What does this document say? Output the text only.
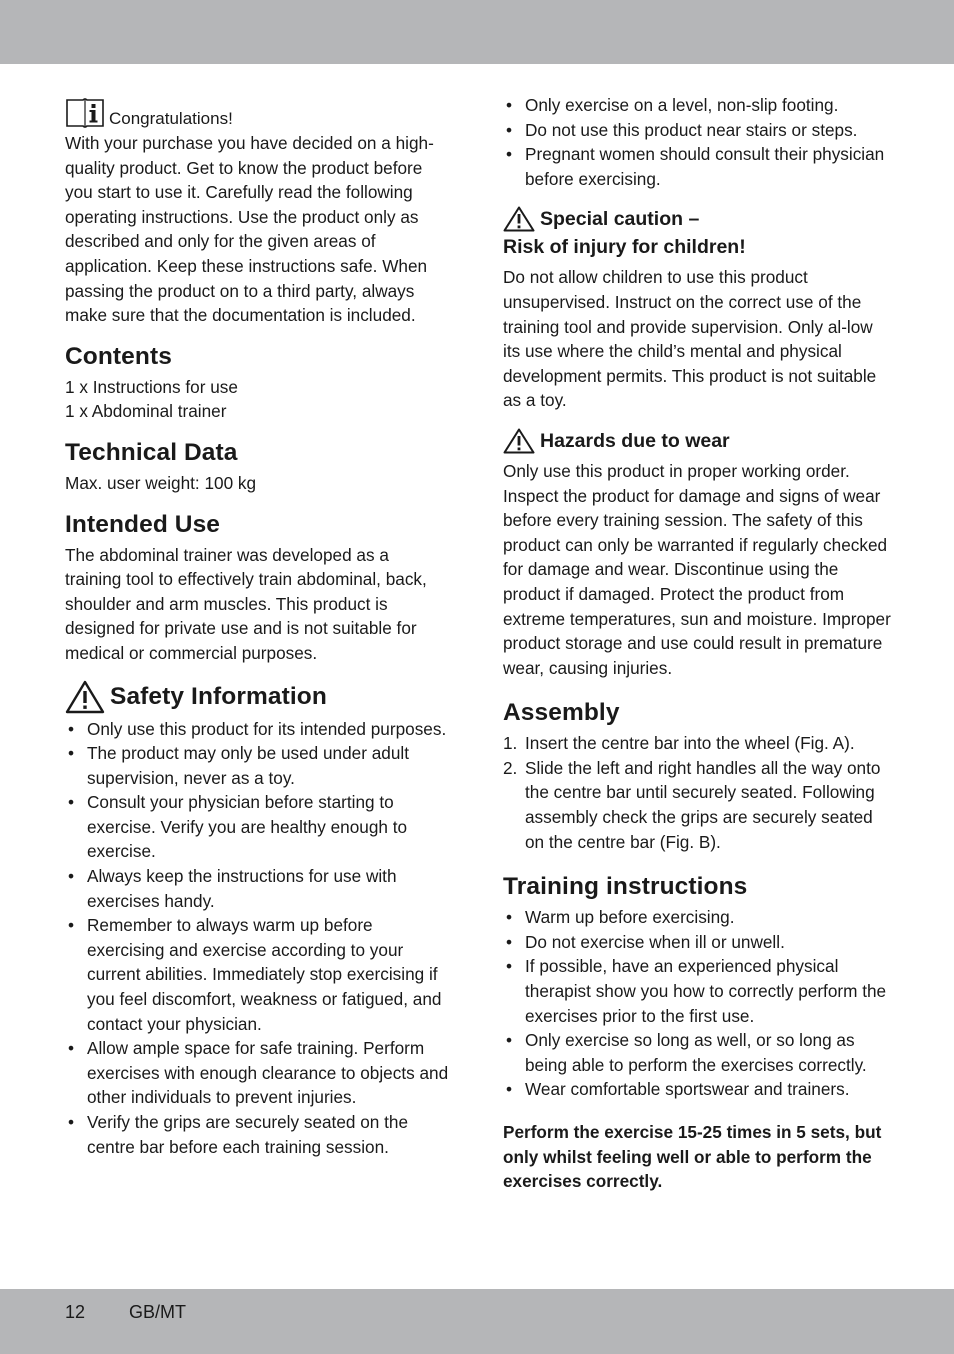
Congratulations!

With your purchase you have decided on a high-quality product. Get to know the product before you start to use it. Carefully read the following operating instructions. Use the product only as described and only for the given areas of application. Keep these instructions safe. When passing the product on to a third party, always make sure that the documentation is included.

Contents

1 x Instructions for use

1 x Abdominal trainer

Technical Data

Max. user weight: 100 kg

Intended Use

The abdominal trainer was developed as a training tool to effectively train abdominal, back, shoulder and arm muscles. This product is designed for private use and is not suitable for medical or commercial purposes.

Safety Information
• Only use this product for its intended purposes.
• The product may only be used under adult supervision, never as a toy.
• Consult your physician before starting to exercise. Verify you are healthy enough to exercise.
• Always keep the instructions for use with exercises handy.
• Remember to always warm up before exercising and exercise according to your current abilities. Immediately stop exercising if you feel discomfort, weakness or fatigued, and contact your physician.
• Allow ample space for safe training. Perform exercises with enough clearance to objects and other individuals to prevent injuries.
• Verify the grips are securely seated on the centre bar before each training session.
• Only exercise on a level, non-slip footing.
• Do not use this product near stairs or steps.
• Pregnant women should consult their physician before exercising.
Special caution –
Risk of injury for children!

Do not allow children to use this product unsupervised. Instruct on the correct use of the training tool and provide supervision. Only al-low its use where the child’s mental and physical development permits. This product is not suitable as a toy.

Hazards due to wear

Only use this product in proper working order. Inspect the product for damage and signs of wear before every training session. The safety of this product can only be warranted if regularly checked for damage and wear. Discontinue using the product if damaged. Protect the product from extreme temperatures, sun and moisture. Improper product storage and use could result in premature wear, causing injuries.

Assembly
1. Insert the centre bar into the wheel (Fig. A).
2. Slide the left and right handles all the way onto the centre bar until securely seated. Following assembly check the grips are securely seated on the centre bar (Fig. B).
Training instructions
• Warm up before exercising.
• Do not exercise when ill or unwell.
• If possible, have an experienced physical therapist show you how to correctly perform the exercises prior to the first use.
• Only exercise so long as well, or so long as being able to perform the exercises correctly.
• Wear comfortable sportswear and trainers.

Perform the exercise 15-25 times in 5 sets, but only whilst feeling well or able to perform the exercises correctly.

12 GB/MT
